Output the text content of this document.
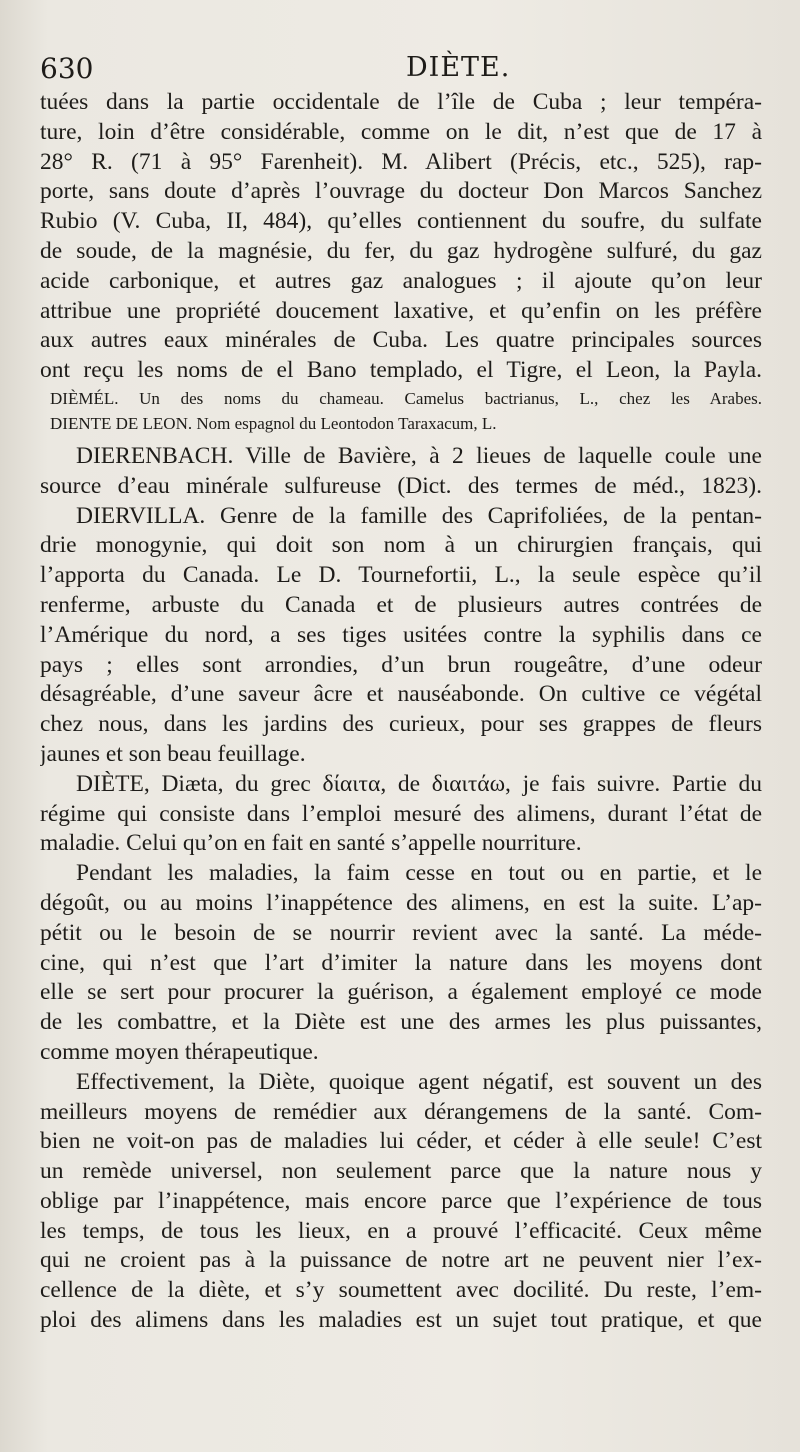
630	DIÈTE.
tuées dans la partie occidentale de l’île de Cuba ; leur tempéra-
ture, loin d’être considérable, comme on le dit, n’est que de 17 à
28° R. (71 à 95° Farenheit). M. Alibert (Précis, etc., 525), rap-
porte, sans doute d’après l’ouvrage du docteur Don Marcos Sanchez
Rubio (V. Cuba, II, 484), qu’elles contiennent du soufre, du sulfate
de soude, de la magnésie, du fer, du gaz hydrogène sulfuré, du gaz
acide carbonique, et autres gaz analogues ; il ajoute qu’on leur
attribue une propriété doucement laxative, et qu’enfin on les préfère
aux autres eaux minérales de Cuba. Les quatre principales sources
ont reçu les noms de el Bano templado, el Tigre, el Leon, la Payla.
DIÈMÉL. Un des noms du chameau. Camelus bactrianus, L., chez les Arabes.
DIENTE DE LEON. Nom espagnol du Leontodon Taraxacum, L.
DIERENBACH. Ville de Bavière, à 2 lieues de laquelle coule une
source d’eau minérale sulfureuse (Dict. des termes de méd., 1823).
DIERVILLA. Genre de la famille des Caprifoliées, de la pentan-
drie monogynie, qui doit son nom à un chirurgien français, qui
l’apporta du Canada. Le D. Tournefortii, L., la seule espèce qu’il
renferme, arbuste du Canada et de plusieurs autres contrées de
l’Amérique du nord, a ses tiges usitées contre la syphilis dans ce
pays ; elles sont arrondies, d’un brun rougeâtre, d’une odeur
désagréable, d’une saveur âcre et nauséabonde. On cultive ce végétal
chez nous, dans les jardins des curieux, pour ses grappes de fleurs
jaunes et son beau feuillage.
DIÈTE, Diæta, du grec δίαιτα, de διαιτάω, je fais suivre. Partie du
régime qui consiste dans l’emploi mesuré des alimens, durant l’état de
maladie. Celui qu’on en fait en santé s’appelle nourriture.
Pendant les maladies, la faim cesse en tout ou en partie, et le
dégoût, ou au moins l’inappétence des alimens, en est la suite. L’ap-
pétit ou le besoin de se nourrir revient avec la santé. La méde-
cine, qui n’est que l’art d’imiter la nature dans les moyens dont
elle se sert pour procurer la guérison, a également employé ce mode
de les combattre, et la Diète est une des armes les plus puissantes,
comme moyen thérapeutique.
Effectivement, la Diète, quoique agent négatif, est souvent un des
meilleurs moyens de remédier aux dérangemens de la santé. Com-
bien ne voit-on pas de maladies lui céder, et céder à elle seule! C’est
un remède universel, non seulement parce que la nature nous y
oblige par l’inappétence, mais encore parce que l’expérience de tous
les temps, de tous les lieux, en a prouvé l’efficacité. Ceux même
qui ne croient pas à la puissance de notre art ne peuvent nier l’ex-
cellence de la diète, et s’y soumettent avec docilité. Du reste, l’em-
ploi des alimens dans les maladies est un sujet tout pratique, et que
